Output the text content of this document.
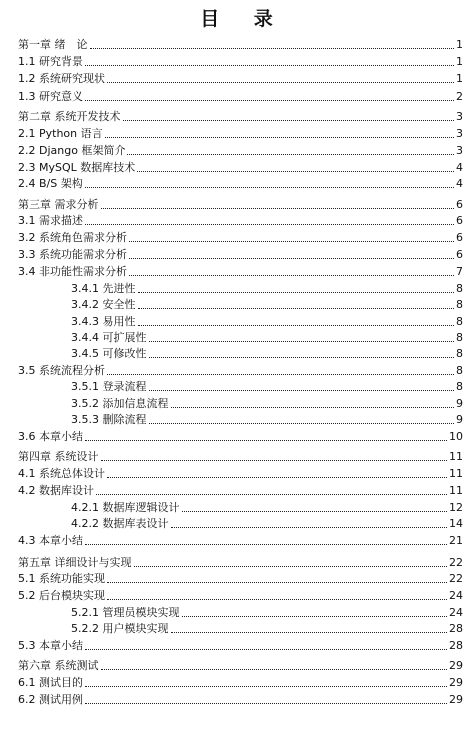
目 录
第一章 绪　论	1
1.1 研究背景	1
1.2 系统研究现状	1
1.3 研究意义	2
第二章 系统开发技术	3
2.1 Python 语言	3
2.2 Django 框架简介	3
2.3 MySQL 数据库技术	4
2.4 B/S 架构	4
第三章 需求分析	6
3.1 需求描述	6
3.2 系统角色需求分析	6
3.3 系统功能需求分析	6
3.4 非功能性需求分析	7
3.4.1 先进性	8
3.4.2 安全性	8
3.4.3 易用性	8
3.4.4 可扩展性	8
3.4.5 可修改性	8
3.5 系统流程分析	8
3.5.1 登录流程	8
3.5.2 添加信息流程	9
3.5.3 删除流程	9
3.6 本章小结	10
第四章 系统设计	11
4.1 系统总体设计	11
4.2 数据库设计	11
4.2.1 数据库逻辑设计	12
4.2.2 数据库表设计	14
4.3 本章小结	21
第五章 详细设计与实现	22
5.1 系统功能实现	22
5.2 后台模块实现	24
5.2.1 管理员模块实现	24
5.2.2 用户模块实现	28
5.3 本章小结	28
第六章 系统测试	29
6.1 测试目的	29
6.2 测试用例	29
